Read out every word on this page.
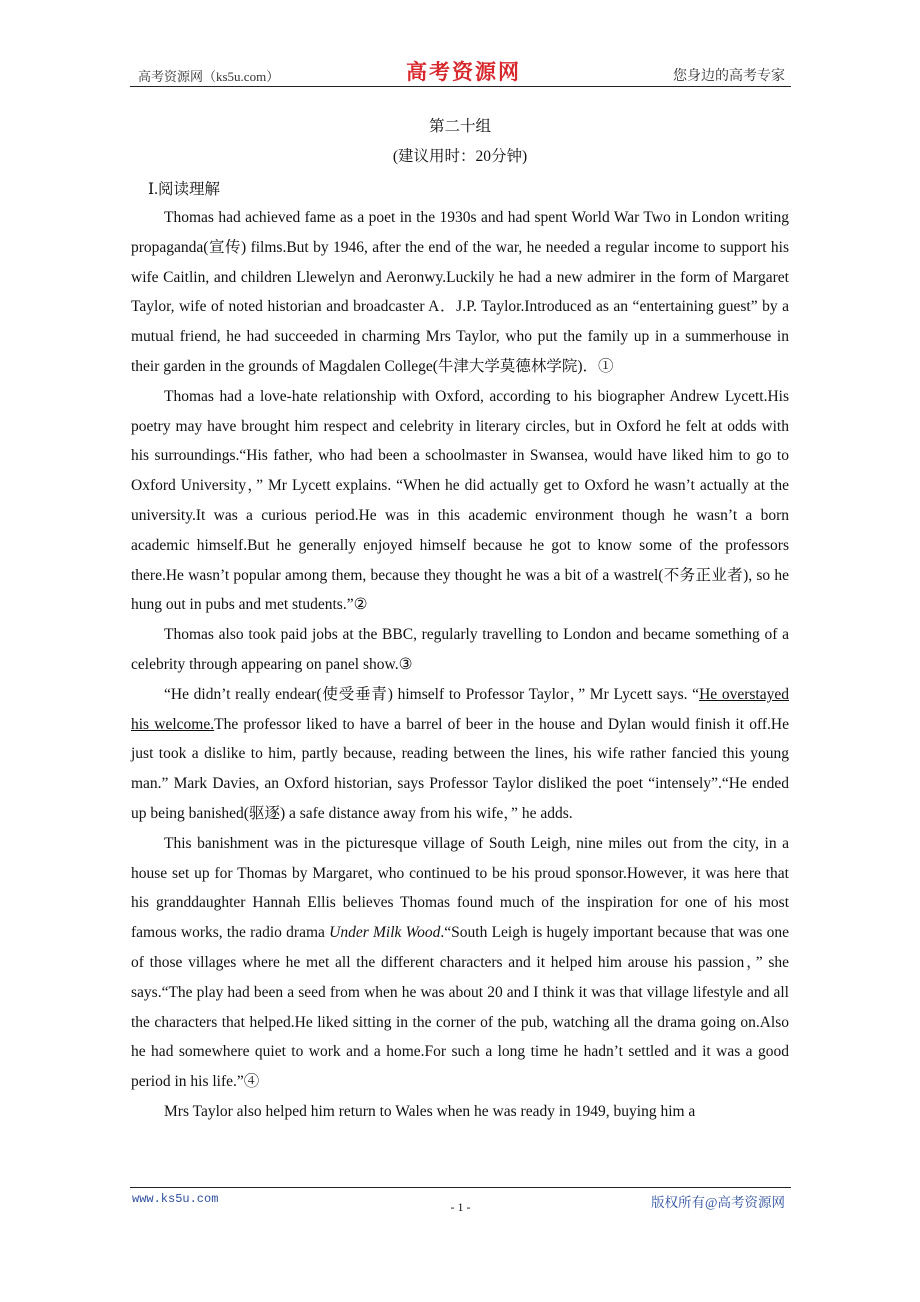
高考资源网（ks5u.com）	高考资源网	您身边的高考专家
第二十组
(建议用时：20分钟)
Ⅰ.阅读理解

Thomas had achieved fame as a poet in the 1930s and had spent World War Two in London writing propaganda(宣传) films.But by 1946, after the end of the war, he needed a regular income to support his wife Caitlin, and children Llewelyn and Aeronwy.Luckily he had a new admirer in the form of Margaret Taylor, wife of noted historian and broadcaster A．J.P. Taylor.Introduced as an “entertaining guest” by a mutual friend, he had succeeded in charming Mrs Taylor, who put the family up in a summerhouse in their garden in the grounds of Magdalen College(牛津大学莫德林学院)．①

Thomas had a love‑hate relationship with Oxford, according to his biographer Andrew Lycett.His poetry may have brought him respect and celebrity in literary circles, but in Oxford he felt at odds with his surroundings.“His father, who had been a schoolmaster in Swansea, would have liked him to go to Oxford University，” Mr Lycett explains. “When he did actually get to Oxford he wasn’t actually at the university.It was a curious period.He was in this academic environment though he wasn’t a born academic himself.But he generally enjoyed himself because he got to know some of the professors there.He wasn’t popular among them, because they thought he was a bit of a wastrel(不务正业者), so he hung out in pubs and met students.”②

Thomas also took paid jobs at the BBC, regularly travelling to London and became something of a celebrity through appearing on panel show.③

“He didn’t really endear(使受垂青) himself to Professor Taylor，” Mr Lycett says. “He overstayed his welcome.The professor liked to have a barrel of beer in the house and Dylan would finish it off.He just took a dislike to him, partly because, reading between the lines, his wife rather fancied this young man.” Mark Davies, an Oxford historian, says Professor Taylor disliked the poet “intensely”.“He ended up being banished(驱逐) a safe distance away from his wife，” he adds.

This banishment was in the picturesque village of South Leigh, nine miles out from the city, in a house set up for Thomas by Margaret, who continued to be his proud sponsor.However, it was here that his granddaughter Hannah Ellis believes Thomas found much of the inspiration for one of his most famous works, the radio drama Under Milk Wood.“South Leigh is hugely important because that was one of those villages where he met all the different characters and it helped him arouse his passion，” she says.“The play had been a seed from when he was about 20 and I think it was that village lifestyle and all the characters that helped.He liked sitting in the corner of the pub, watching all the drama going on.Also he had somewhere quiet to work and a home.For such a long time he hadn’t settled and it was a good period in his life.”④

Mrs Taylor also helped him return to Wales when he was ready in 1949, buying him a

www.ks5u.com
- 1 -	版权所有@高考资源网
